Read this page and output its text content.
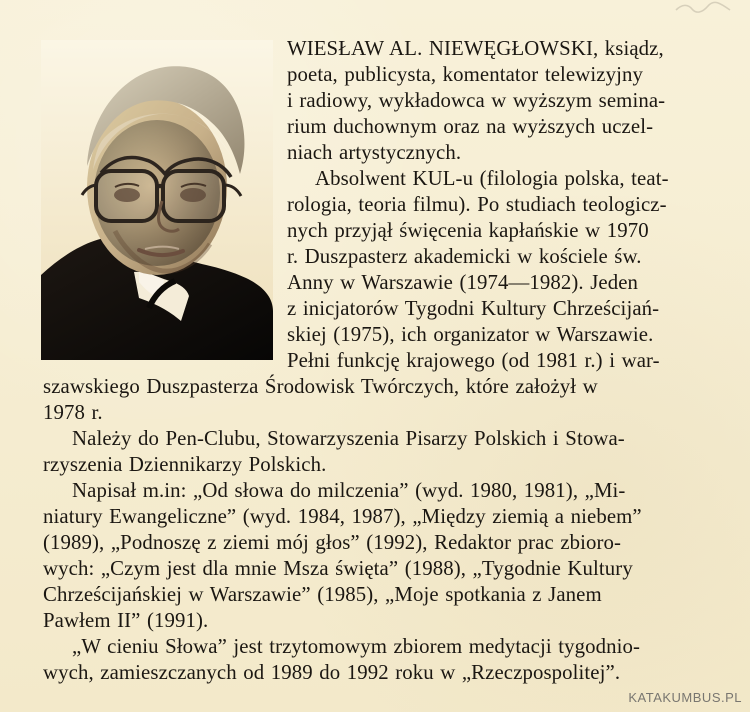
WIESŁAW AL. NIEWĘGŁOWSKI, ksiądz,
poeta, publicysta, komentator telewizyjny
i radiowy, wykładowca w wyższym semina-
rium duchownym oraz na wyższych uczel-
niach artystycznych.
Absolwent KUL-u (filologia polska, teat-
rologia, teoria filmu). Po studiach teologicz-
nych przyjął święcenia kapłańskie w 1970
r. Duszpasterz akademicki w kościele św.
Anny w Warszawie (1974—1982). Jeden
z inicjatorów Tygodni Kultury Chrześcijań-
skiej (1975), ich organizator w Warszawie.
Pełni funkcję krajowego (od 1981 r.) i war-
szawskiego Duszpasterza Środowisk Twórczych, które założył w
1978 r.
Należy do Pen-Clubu, Stowarzyszenia Pisarzy Polskich i Stowa-
rzyszenia Dziennikarzy Polskich.
Napisał m.in: „Od słowa do milczenia” (wyd. 1980, 1981), „Mi-
niatury Ewangeliczne” (wyd. 1984, 1987), „Między ziemią a niebem”
(1989), „Podnoszę z ziemi mój głos” (1992), Redaktor prac zbioro-
wych: „Czym jest dla mnie Msza święta” (1988), „Tygodnie Kultury
Chrześcijańskiej w Warszawie” (1985), „Moje spotkania z Janem
Pawłem II” (1991).
„W cieniu Słowa” jest trzytomowym zbiorem medytacji tygodnio-
wych, zamieszczanych od 1989 do 1992 roku w „Rzeczpospolitej”.
KATAKUMBUS.PL
